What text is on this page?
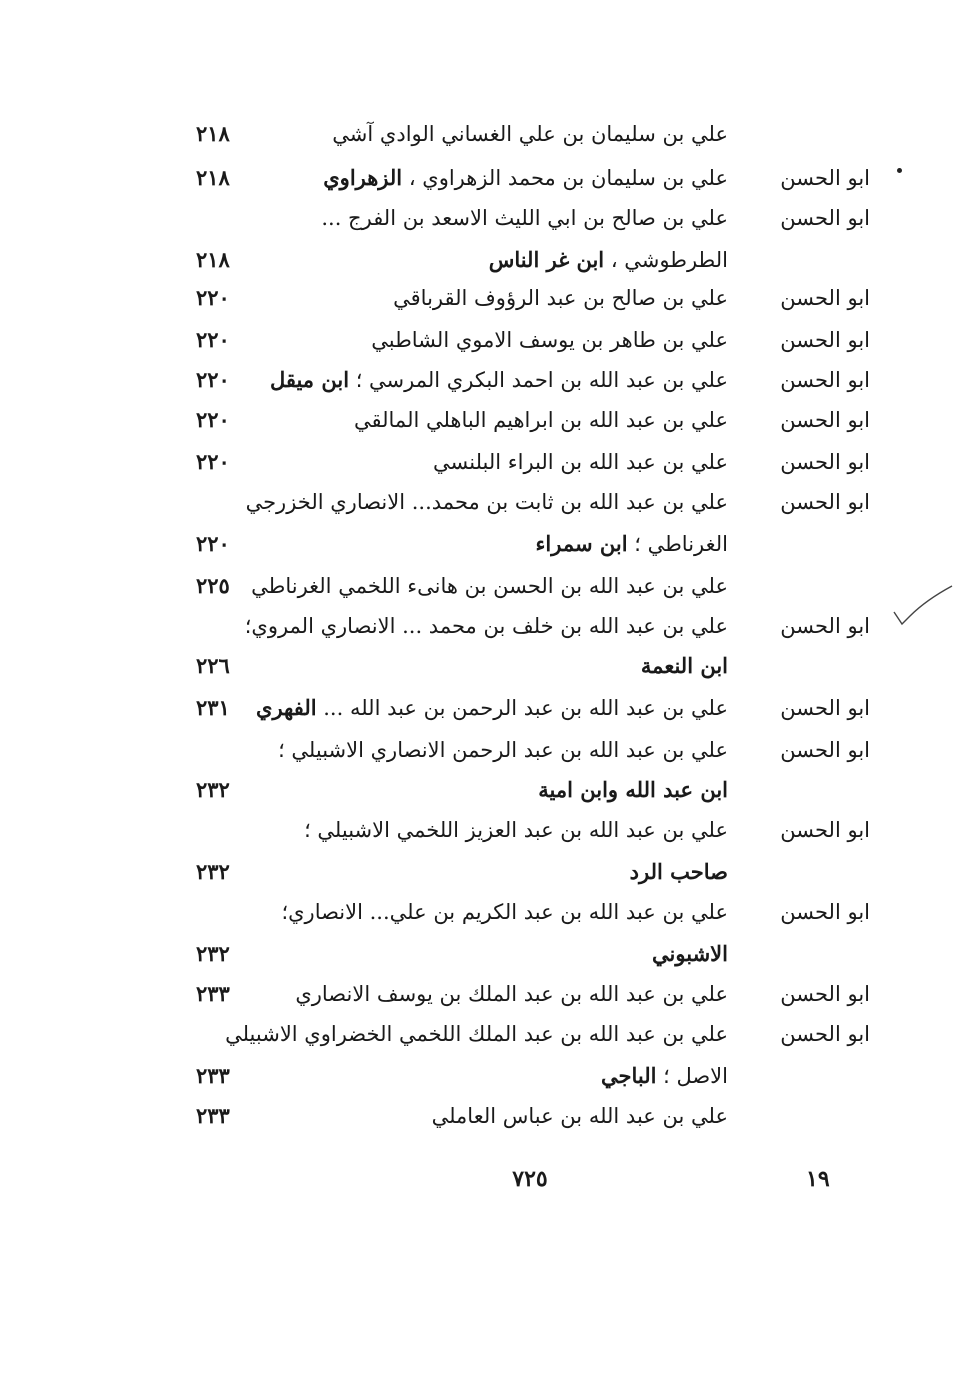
علي بن سليمان بن علي الغساني الوادي آشي
٢١٨
ابو الحسن
علي بن سليمان بن محمد الزهراوي ، الزهراوي
٢١٨
ابو الحسن
علي بن صالح بن ابي الليث الاسعد بن الفرج ...
الطرطوشي ، ابن غر الناس
٢١٨
ابو الحسن
علي بن صالح بن عبد الرؤوف القرباقي
٢٢٠
ابو الحسن
علي بن طاهر بن يوسف الاموي الشاطبي
٢٢٠
ابو الحسن
علي بن عبد الله بن احمد البكري المرسي ؛ ابن ميقل
٢٢٠
ابو الحسن
علي بن عبد الله بن ابراهيم الباهلي المالقي
٢٢٠
ابو الحسن
علي بن عبد الله بن البراء البلنسي
٢٢٠
ابو الحسن
علي بن عبد الله بن ثابت بن محمد... الانصاري الخزرجي
الغرناطي ؛ ابن سمراء
٢٢٠
علي بن عبد الله بن الحسن بن هانىء اللخمي الغرناطي
٢٢٥
ابو الحسن
علي بن عبد الله بن خلف بن محمد ... الانصاري المروي؛
ابن النعمة
٢٢٦
ابو الحسن
علي بن عبد الله بن عبد الرحمن بن عبد الله ... الفهري
٢٣١
ابو الحسن
علي بن عبد الله بن عبد الرحمن الانصاري الاشبيلي ؛
ابن عبد الله وابن امية
٢٣٢
ابو الحسن
علي بن عبد الله بن عبد العزيز اللخمي الاشبيلي ؛
صاحب الرد
٢٣٢
ابو الحسن
علي بن عبد الله بن عبد الكريم بن علي... الانصاري؛
الاشبوني
٢٣٢
ابو الحسن
علي بن عبد الله بن عبد الملك بن يوسف الانصاري
٢٣٣
ابو الحسن
علي بن عبد الله بن عبد الملك اللخمي الخضراوي الاشبيلي
الاصل ؛ الباجي
٢٣٣
علي بن عبد الله بن عباس العاملي
٢٣٣
٧٢٥	١٩
